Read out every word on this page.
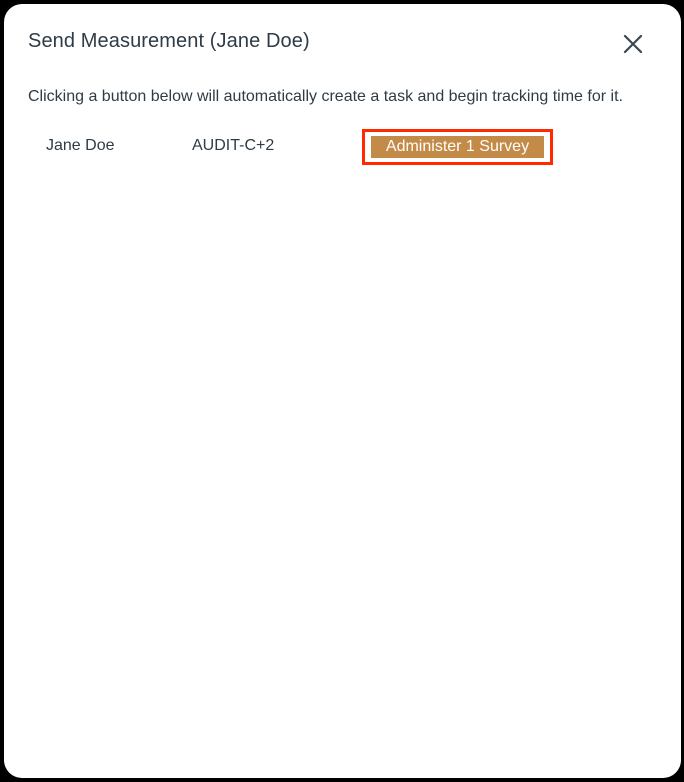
Send Measurement (Jane Doe)
Clicking a button below will automatically create a task and begin tracking time for it.
Jane Doe	AUDIT-C+2	Administer 1 Survey
